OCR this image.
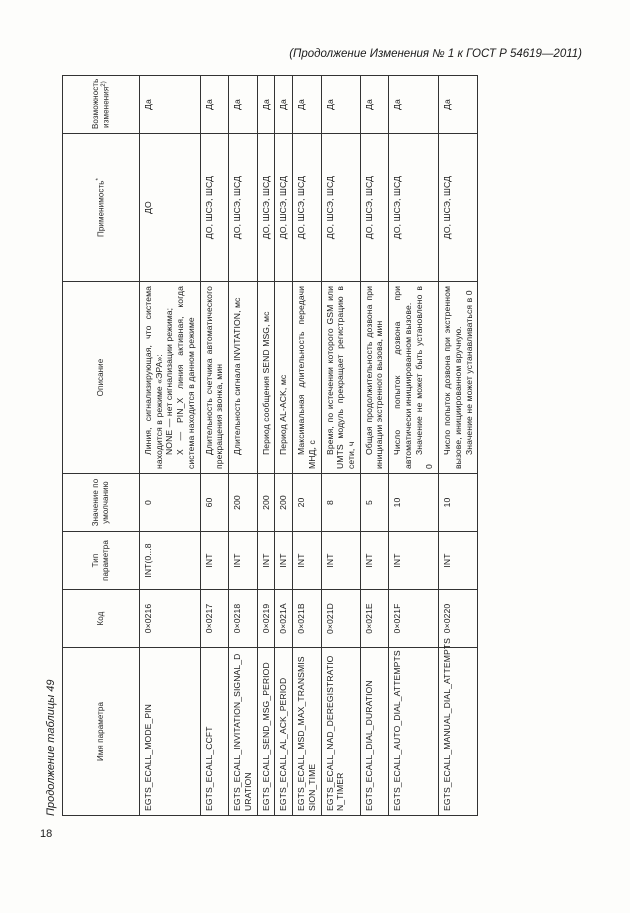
(Продолжение Изменения № 1 к ГОСТ Р 54619—2011)
18
Продолжение таблицы 49	Имя параметра	Код	Тип параметра	Значение по умолчанию	Описание	Применимость*	Возможность изменения$^{2)}$

EGTS_ECALL_MODE_PIN	0×0216	INT(0...8	0	Линия, сигнализирующая, что система находится в режиме «ЭРА»: NONE — нет сигнализации режима; X — PIN_X линия активная, когда система находится в данном режиме	ДО	Да
EGTS_ECALL_CCFT	0×0217	INT	60	Длительность счетчика автоматического прекращения звонка, мин	ДО, ШСЭ, ШСД	Да
EGTS_ECALL_INVITATION_SIGNAL_DURATION	0×0218	INT	200	Длительность сигнала INVITATION, мс	ДО, ШСЭ, ШСД	Да
EGTS_ECALL_SEND_MSG_PERIOD	0×0219	INT	200	Период сообщения SEND MSG, мс	ДО, ШСЭ, ШСД	Да
EGTS_ECALL_AL_ACK_PERIOD	0×021A	INT	200	Период AL-ACK, мс	ДО, ШСЭ, ШСД	Да
EGTS_ECALL_MSD_MAX_TRANSMISSION_TIME	0×021B	INT	20	Максимальная длительность передачи МНД, с	ДО, ШСЭ, ШСД	Да
EGTS_ECALL_NAD_DEREGISTRATION_TIMER	0×021D	INT	8	Время, по истечении которого GSM или UMTS модуль прекращает регистрацию в сети, ч	ДО, ШСЭ, ШСД	Да
EGTS_ECALL_DIAL_DURATION	0×021E	INT	5	Общая продолжительность дозвона при инициации экстренного вызова, мин	ДО, ШСЭ, ШСД	Да
EGTS_ECALL_AUTO_DIAL_ATTEMPTS	0×021F	INT	10	Число попыток дозвона при автоматически инициированном вызове. Значение не может быть установлено в 0	ДО, ШСЭ, ШСД	Да
EGTS_ECALL_MANUAL_DIAL_ATTEMPTS	0×0220	INT	10	Число попыток дозвона при экстренном вызове, инициированном вручную. Значение не может устанавливаться в 0	ДО, ШСЭ, ШСД	Да
